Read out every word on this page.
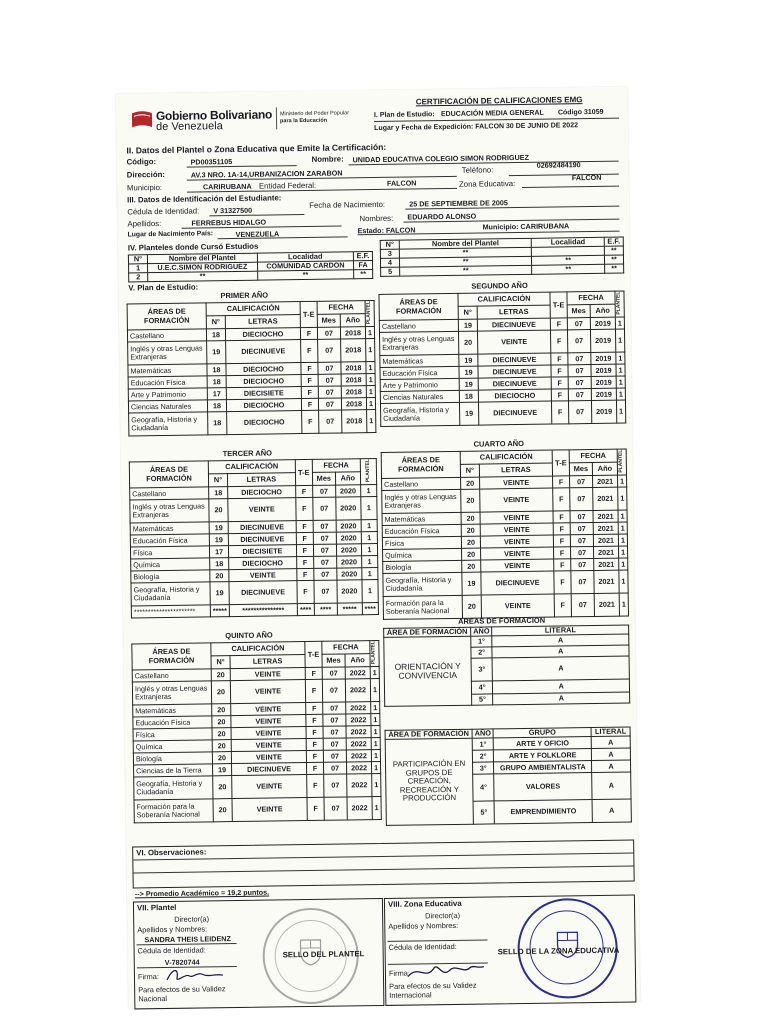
Gobierno Bolivariano
de Venezuela
Ministerio del Poder Popular
para la Educación
CERTIFICACIÓN DE CALIFICACIONES EMG
I. Plan de Estudio: EDUCACIÓN MEDIA GENERAL Código 31059
Lugar y Fecha de Expedición: FALCON 30 DE JUNIO DE 2022
II. Datos del Plantel o Zona Educativa que Emite la Certificación:
Código:	PD00351105	Nombre: UNIDAD EDUCATIVA COLEGIO SIMON RODRIGUEZ
Dirección:	AV.3 NRO. 1A-14,URBANIZACION ZARABON	Teléfono:
02692484190
Municipio:	CARIRUBANA Entidad Federal:	FALCON	Zona Educativa:
FALCON
III. Datos de Identificación del Estudiante:
Cédula de Identidad: V 31327500
Fecha de Nacimiento:	25 DE SEPTIEMBRE DE 2005
Apellidos:	FERREBUS HIDALGO	Nombres: EDUARDO ALONSO
Lugar de Nacimiento País:	VENEZUELA	Estado: FALCON	Municipio: CARIRUBANA
IV. Planteles donde Cursó Estudios
N°	Nombre del Plantel	Localidad	E.F.
1	U.E.C.SIMON RODRIGUEZ	COMUNIDAD CARDON	FA
2	**	**	**
N°	Nombre del Plantel	Localidad	E.F.
3	**		**
4	**	**	**
5	**	**	**
V. Plan de Estudio:
PRIMER AÑO
ÁREAS DE FORMACIÓN	CALIFICACIÓN		T-E	FECHA		PLANTEL
	N°	LETRAS		Mes	Año	
Castellano	18	DIECIOCHO	F	07	2018	1
Inglés y otras Lenguas Extranjeras	19	DIECINUEVE	F	07	2018	1
Matemáticas	18	DIECIOCHO	F	07	2018	1
Educación Física	18	DIECIOCHO	F	07	2018	1
Arte y Patrimonio	17	DIECISIETE	F	07	2018	1
Ciencias Naturales	18	DIECIOCHO	F	07	2018	1
Geografía, Historia y Ciudadanía	18	DIECIOCHO	F	07	2018	1
SEGUNDO AÑO
ÁREAS DE FORMACIÓN	CALIFICACIÓN		T-E	FECHA		PLANTEL
	N°	LETRAS		Mes	Año	
Castellano	19	DIECINUEVE	F	07	2019	1
Inglés y otras Lenguas Extranjeras	20	VEINTE	F	07	2019	1
Matemáticas	19	DIECINUEVE	F	07	2019	1
Educación Física	19	DIECINUEVE	F	07	2019	1
Arte y Patrimonio	19	DIECINUEVE	F	07	2019	1
Ciencias Naturales	18	DIECIOCHO	F	07	2019	1
Geografía, Historia y Ciudadanía	19	DIECINUEVE	F	07	2019	1
TERCER AÑO
ÁREAS DE FORMACIÓN	CALIFICACIÓN		T-E	FECHA		PLANTEL
	N°	LETRAS		Mes	Año	
Castellano	18	DIECIOCHO	F	07	2020	1
Inglés y otras Lenguas Extranjeras	20	VEINTE	F	07	2020	1
Matemáticas	19	DIECINUEVE	F	07	2020	1
Educación Física	19	DIECINUEVE	F	07	2020	1
Física	17	DIECISIETE	F	07	2020	1
Química	18	DIECIOCHO	F	07	2020	1
Biología	20	VEINTE	F	07	2020	1
Geografía, Historia y Ciudadanía	19	DIECINUEVE	F	07	2020	1
**********************	*****	***************	****	****	*****	****
CUARTO AÑO
ÁREAS DE FORMACIÓN	CALIFICACIÓN		T-E	FECHA		PLANTEL
	N°	LETRAS		Mes	Año	
Castellano	20	VEINTE	F	07	2021	1
Inglés y otras Lenguas Extranjeras	20	VEINTE	F	07	2021	1
Matemáticas	20	VEINTE	F	07	2021	1
Educación Física	20	VEINTE	F	07	2021	1
Física	20	VEINTE	F	07	2021	1
Química	20	VEINTE	F	07	2021	1
Biología	20	VEINTE	F	07	2021	1
Geografía, Historia y Ciudadanía	19	DIECINUEVE	F	07	2021	1
Formación para la Soberanía Nacional	20	VEINTE	F	07	2021	1
QUINTO AÑO
ÁREAS DE FORMACIÓN	CALIFICACIÓN		T-E	FECHA		PLANTEL
	N°	LETRAS		Mes	Año	
Castellano	20	VEINTE	F	07	2022	1
Inglés y otras Lenguas Extranjeras	20	VEINTE	F	07	2022	1
Matemáticas	20	VEINTE	F	07	2022	1
Educación Física	20	VEINTE	F	07	2022	1
Física	20	VEINTE	F	07	2022	1
Química	20	VEINTE	F	07	2022	1
Biología	20	VEINTE	F	07	2022	1
Ciencias de la Tierra	19	DIECINUEVE	F	07	2022	1
Geografía, Historia y Ciudadanía	20	VEINTE	F	07	2022	1
Formación para la Soberanía Nacional	20	VEINTE	F	07	2022	1
AREAS DE FORMACION
ÁREA DE FORMACIÓN	AÑO	LITERAL
ORIENTACIÓN Y CONVIVENCIA	1°	A
	2°	A
	3°	A
	4°	A
	5°	A
ÁREA DE FORMACIÓN	AÑO	GRUPO	LITERAL
PARTICIPACIÓN EN GRUPOS DE CREACIÓN, RECREACIÓN Y PRODUCCIÓN	1°	ARTE Y OFICIO	A
	2°	ARTE Y FOLKLORE	A
	3°	GRUPO AMBIENTALISTA	A
	4°	VALORES	A
	5°	EMPRENDIMIENTO	A
VI. Observaciones:
--> Promedio Académico = 19,2 puntos.
VII. Plantel
Director(a)
Apellidos y Nombres:
SANDRA THEIS LEIDENZ
Cédula de Identidad:
V-7820744
Firma:
Para efectos de su Validez Nacional
SELLO DEL PLANTEL
VIII. Zona Educativa
Director(a)
Apellidos y Nombres:
Cédula de Identidad:
Firma:
Para efectos de su Validez Internacional
SELLO DE LA ZONA EDUCATIVA
